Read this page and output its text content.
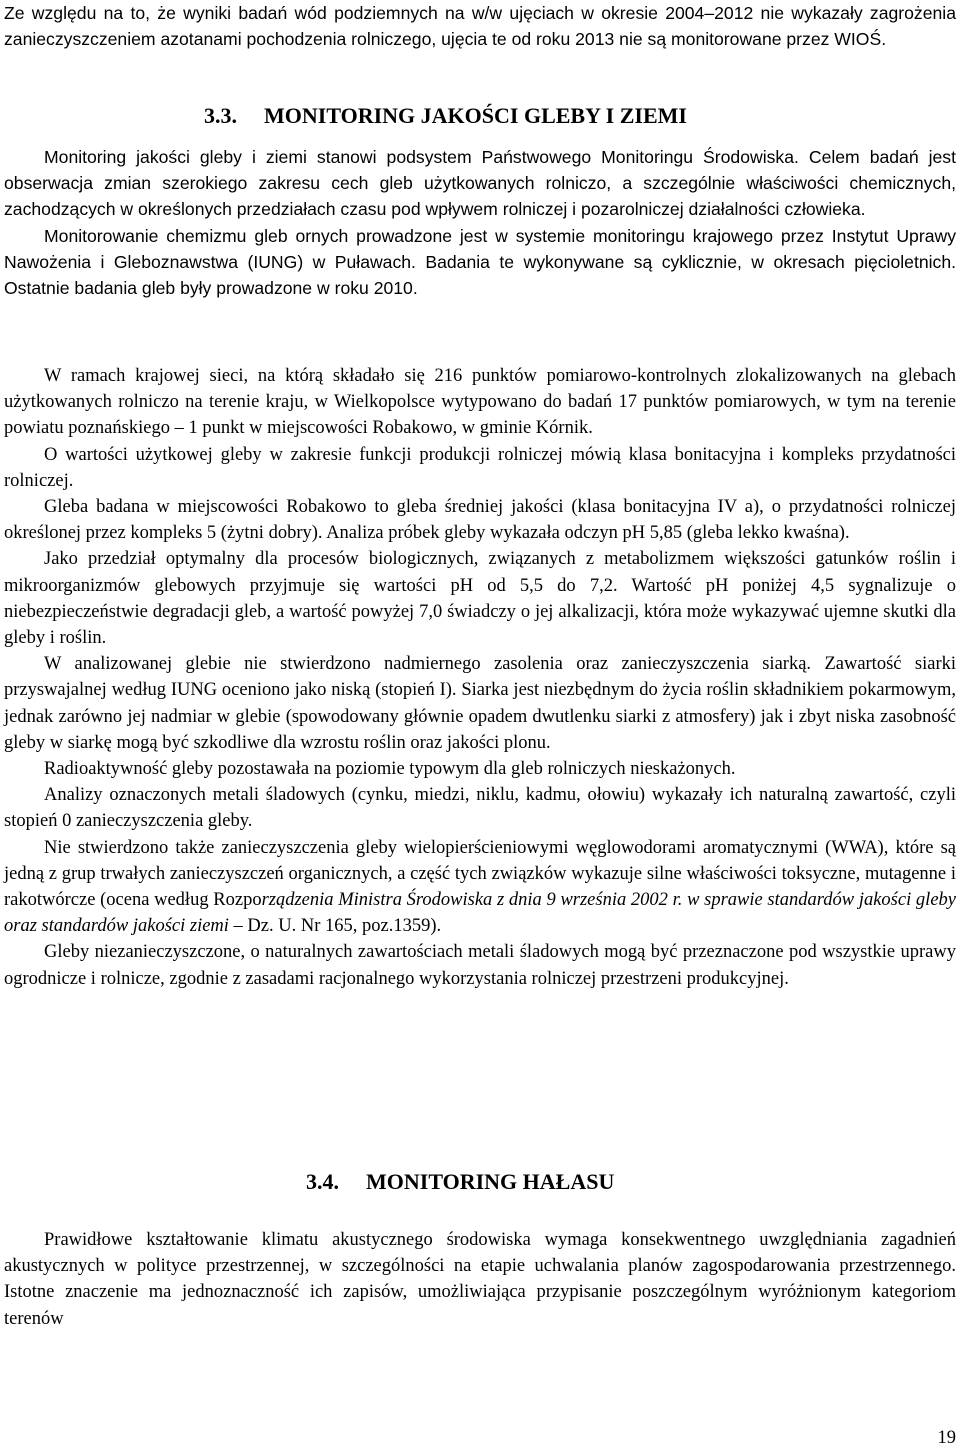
Ze względu na to, że wyniki badań wód podziemnych na w/w ujęciach w okresie 2004–2012 nie wykazały zagrożenia zanieczyszczeniem azotanami pochodzenia rolniczego, ujęcia te od roku 2013 nie są monitorowane przez WIOŚ.

3.3. MONITORING JAKOŚCI GLEBY I ZIEMI
Monitoring jakości gleby i ziemi stanowi podsystem Państwowego Monitoringu Środowiska. Celem badań jest obserwacja zmian szerokiego zakresu cech gleb użytkowanych rolniczo, a szczególnie właściwości chemicznych, zachodzących w określonych przedziałach czasu pod wpływem rolniczej i pozarolniczej działalności człowieka.
Monitorowanie chemizmu gleb ornych prowadzone jest w systemie monitoringu krajowego przez Instytut Uprawy Nawożenia i Gleboznawstwa (IUNG) w Puławach. Badania te wykonywane są cyklicznie, w okresach pięcioletnich. Ostatnie badania gleb były prowadzone w roku 2010.
W ramach krajowej sieci, na którą składało się 216 punktów pomiarowo-kontrolnych zlokalizowanych na glebach użytkowanych rolniczo na terenie kraju, w Wielkopolsce wytypowano do badań 17 punktów pomiarowych, w tym na terenie powiatu poznańskiego – 1 punkt w miejscowości Robakowo, w gminie Kórnik.
O wartości użytkowej gleby w zakresie funkcji produkcji rolniczej mówią klasa bonitacyjna i kompleks przydatności rolniczej.
Gleba badana w miejscowości Robakowo to gleba średniej jakości (klasa bonitacyjna IV a), o przydatności rolniczej określonej przez kompleks 5 (żytni dobry). Analiza próbek gleby wykazała odczyn pH 5,85 (gleba lekko kwaśna).
Jako przedział optymalny dla procesów biologicznych, związanych z metabolizmem większości gatunków roślin i mikroorganizmów glebowych przyjmuje się wartości pH od 5,5 do 7,2. Wartość pH poniżej 4,5 sygnalizuje o niebezpieczeństwie degradacji gleb, a wartość powyżej 7,0 świadczy o jej alkalizacji, która może wykazywać ujemne skutki dla gleby i roślin.
W analizowanej glebie nie stwierdzono nadmiernego zasolenia oraz zanieczyszczenia siarką. Zawartość siarki przyswajalnej według IUNG oceniono jako niską (stopień I). Siarka jest niezbędnym do życia roślin składnikiem pokarmowym, jednak zarówno jej nadmiar w glebie (spowodowany głównie opadem dwutlenku siarki z atmosfery) jak i zbyt niska zasobność gleby w siarkę mogą być szkodliwe dla wzrostu roślin oraz jakości plonu.
Radioaktywność gleby pozostawała na poziomie typowym dla gleb rolniczych nieskażonych.
Analizy oznaczonych metali śladowych (cynku, miedzi, niklu, kadmu, ołowiu) wykazały ich naturalną zawartość, czyli stopień 0 zanieczyszczenia gleby.
Nie stwierdzono także zanieczyszczenia gleby wielopierścieniowymi węglowodorami aromatycznymi (WWA), które są jedną z grup trwałych zanieczyszczeń organicznych, a część tych związków wykazuje silne właściwości toksyczne, mutagenne i rakotwórcze (ocena według Rozporządzenia Ministra Środowiska z dnia 9 września 2002 r. w sprawie standardów jakości gleby oraz standardów jakości ziemi – Dz. U. Nr 165, poz.1359).
Gleby niezanieczyszczone, o naturalnych zawartościach metali śladowych mogą być przeznaczone pod wszystkie uprawy ogrodnicze i rolnicze, zgodnie z zasadami racjonalnego wykorzystania rolniczej przestrzeni produkcyjnej.
3.4. MONITORING HAŁASU
Prawidłowe kształtowanie klimatu akustycznego środowiska wymaga konsekwentnego uwzględniania zagadnień akustycznych w polityce przestrzennej, w szczególności na etapie uchwalania planów zagospodarowania przestrzennego. Istotne znaczenie ma jednoznaczność ich zapisów, umożliwiająca przypisanie poszczególnym wyróżnionym kategoriom terenów

19
